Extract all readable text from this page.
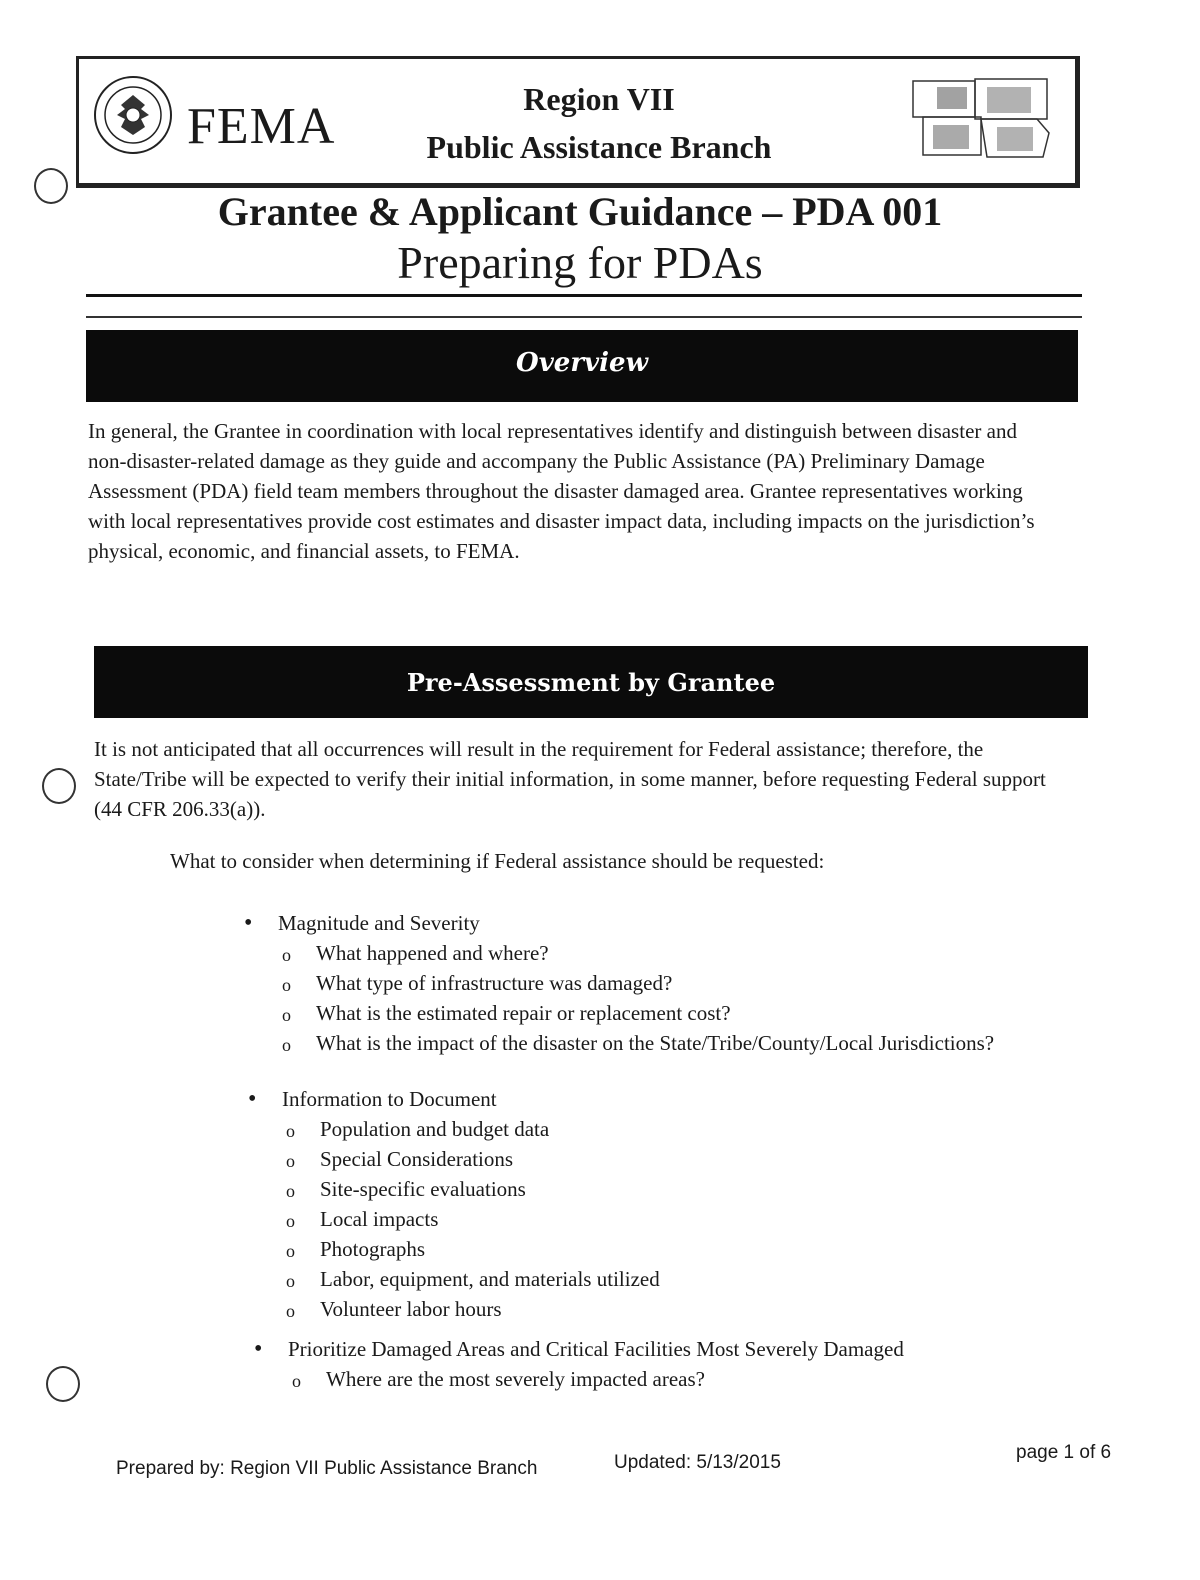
FEMA	Region VII
Public Assistance Branch
Grantee & Applicant Guidance – PDA 001
Preparing for PDAs
Overview

In general, the Grantee in coordination with local representatives identify and distinguish between disaster and non-disaster-related damage as they guide and accompany the Public Assistance (PA) Preliminary Damage Assessment (PDA) field team members throughout the disaster damaged area. Grantee representatives working with local representatives provide cost estimates and disaster impact data, including impacts on the jurisdiction’s physical, economic, and financial assets, to FEMA.

Pre-Assessment by Grantee

It is not anticipated that all occurrences will result in the requirement for Federal assistance; therefore, the State/Tribe will be expected to verify their initial information, in some manner, before requesting Federal support (44 CFR 206.33(a)).

What to consider when determining if Federal assistance should be requested:

• Magnitude and Severity
o What happened and where?
o What type of infrastructure was damaged?
o What is the estimated repair or replacement cost?
o What is the impact of the disaster on the State/Tribe/County/Local Jurisdictions?
• Information to Document
o Population and budget data
o Special Considerations
o Site-specific evaluations
o Local impacts
o Photographs
o Labor, equipment, and materials utilized
o Volunteer labor hours
• Prioritize Damaged Areas and Critical Facilities Most Severely Damaged
o Where are the most severely impacted areas?
Prepared by: Region VII Public Assistance Branch	Updated: 5/13/2015	page 1 of 6
